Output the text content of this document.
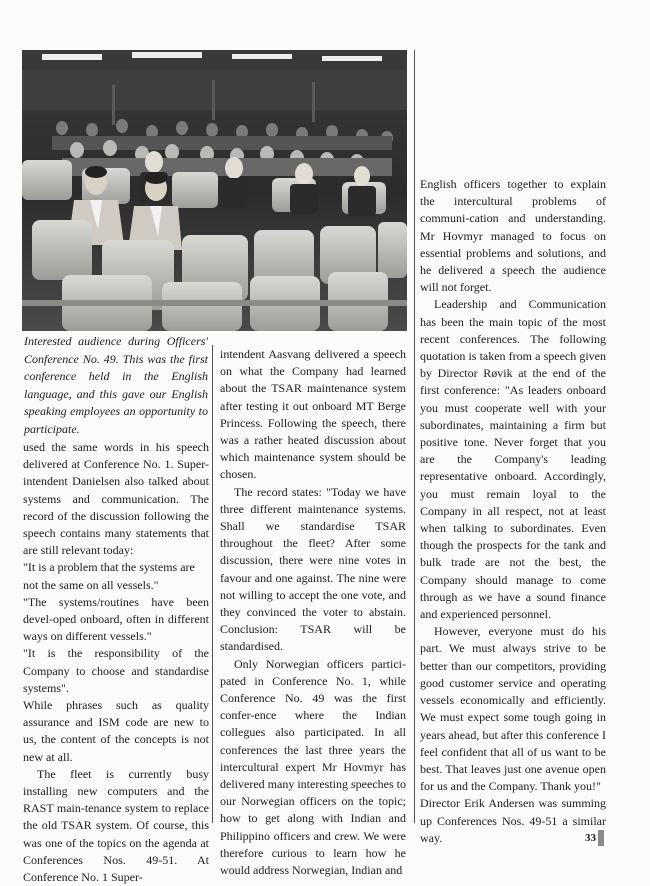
Interested audience during Officers' Conference No. 49. This was the first conference held in the English language, and this gave our English speaking employees an opportunity to participate.

used the same words in his speech delivered at Conference No. 1. Super-intendent Danielsen also talked about systems and communication. The record of the discussion following the speech contains many statements that are still relevant today:

"It is a problem that the systems are not the same on all vessels."

"The systems/routines have been devel-oped onboard, often in different ways on different vessels."

"It is the responsibility of the Company to choose and standardise systems".

While phrases such as quality assurance and ISM code are new to us, the content of the concepts is not new at all.

The fleet is currently busy installing new computers and the RAST main-tenance system to replace the old TSAR system. Of course, this was one of the topics on the agenda at Conferences Nos. 49-51. At Conference No. 1 Super-

intendent Aasvang delivered a speech on what the Company had learned about the TSAR maintenance system after testing it out onboard MT Berge Princess. Following the speech, there was a rather heated discussion about which maintenance system should be chosen.

The record states: "Today we have three different maintenance systems. Shall we standardise TSAR throughout the fleet? After some discussion, there were nine votes in favour and one against. The nine were not willing to accept the one vote, and they convinced the voter to abstain. Conclusion: TSAR will be standardised.

Only Norwegian officers partici-pated in Conference No. 1, while Conference No. 49 was the first confer-ence where the Indian collegues also participated. In all conferences the last three years the intercultural expert Mr Hovmyr has delivered many interesting speeches to our Norwegian officers on the topic; how to get along with Indian and Philippino officers and crew. We were therefore curious to learn how he would address Norwegian, Indian and

English officers together to explain the intercultural problems of communi-cation and understanding. Mr Hovmyr managed to focus on essential problems and solutions, and he delivered a speech the audience will not forget.

Leadership and Communication has been the main topic of the most recent conferences. The following quotation is taken from a speech given by Director Røvik at the end of the first conference: "As leaders onboard you must cooperate well with your subordinates, maintaining a firm but positive tone. Never forget that you are the Company's leading representative onboard. Accordingly, you must remain loyal to the Company in all respect, not at least when talking to subordinates. Even though the prospects for the tank and bulk trade are not the best, the Company should manage to come through as we have a sound finance and experienced personnel.

However, everyone must do his part. We must always strive to be better than our competitors, providing good customer service and operating vessels economically and efficiently. We must expect some tough going in years ahead, but after this conference I feel confident that all of us want to be best. That leaves just one avenue open for us and the Company. Thank you!"

Director Erik Andersen was summing up Conferences Nos. 49-51 a similar way.	33
